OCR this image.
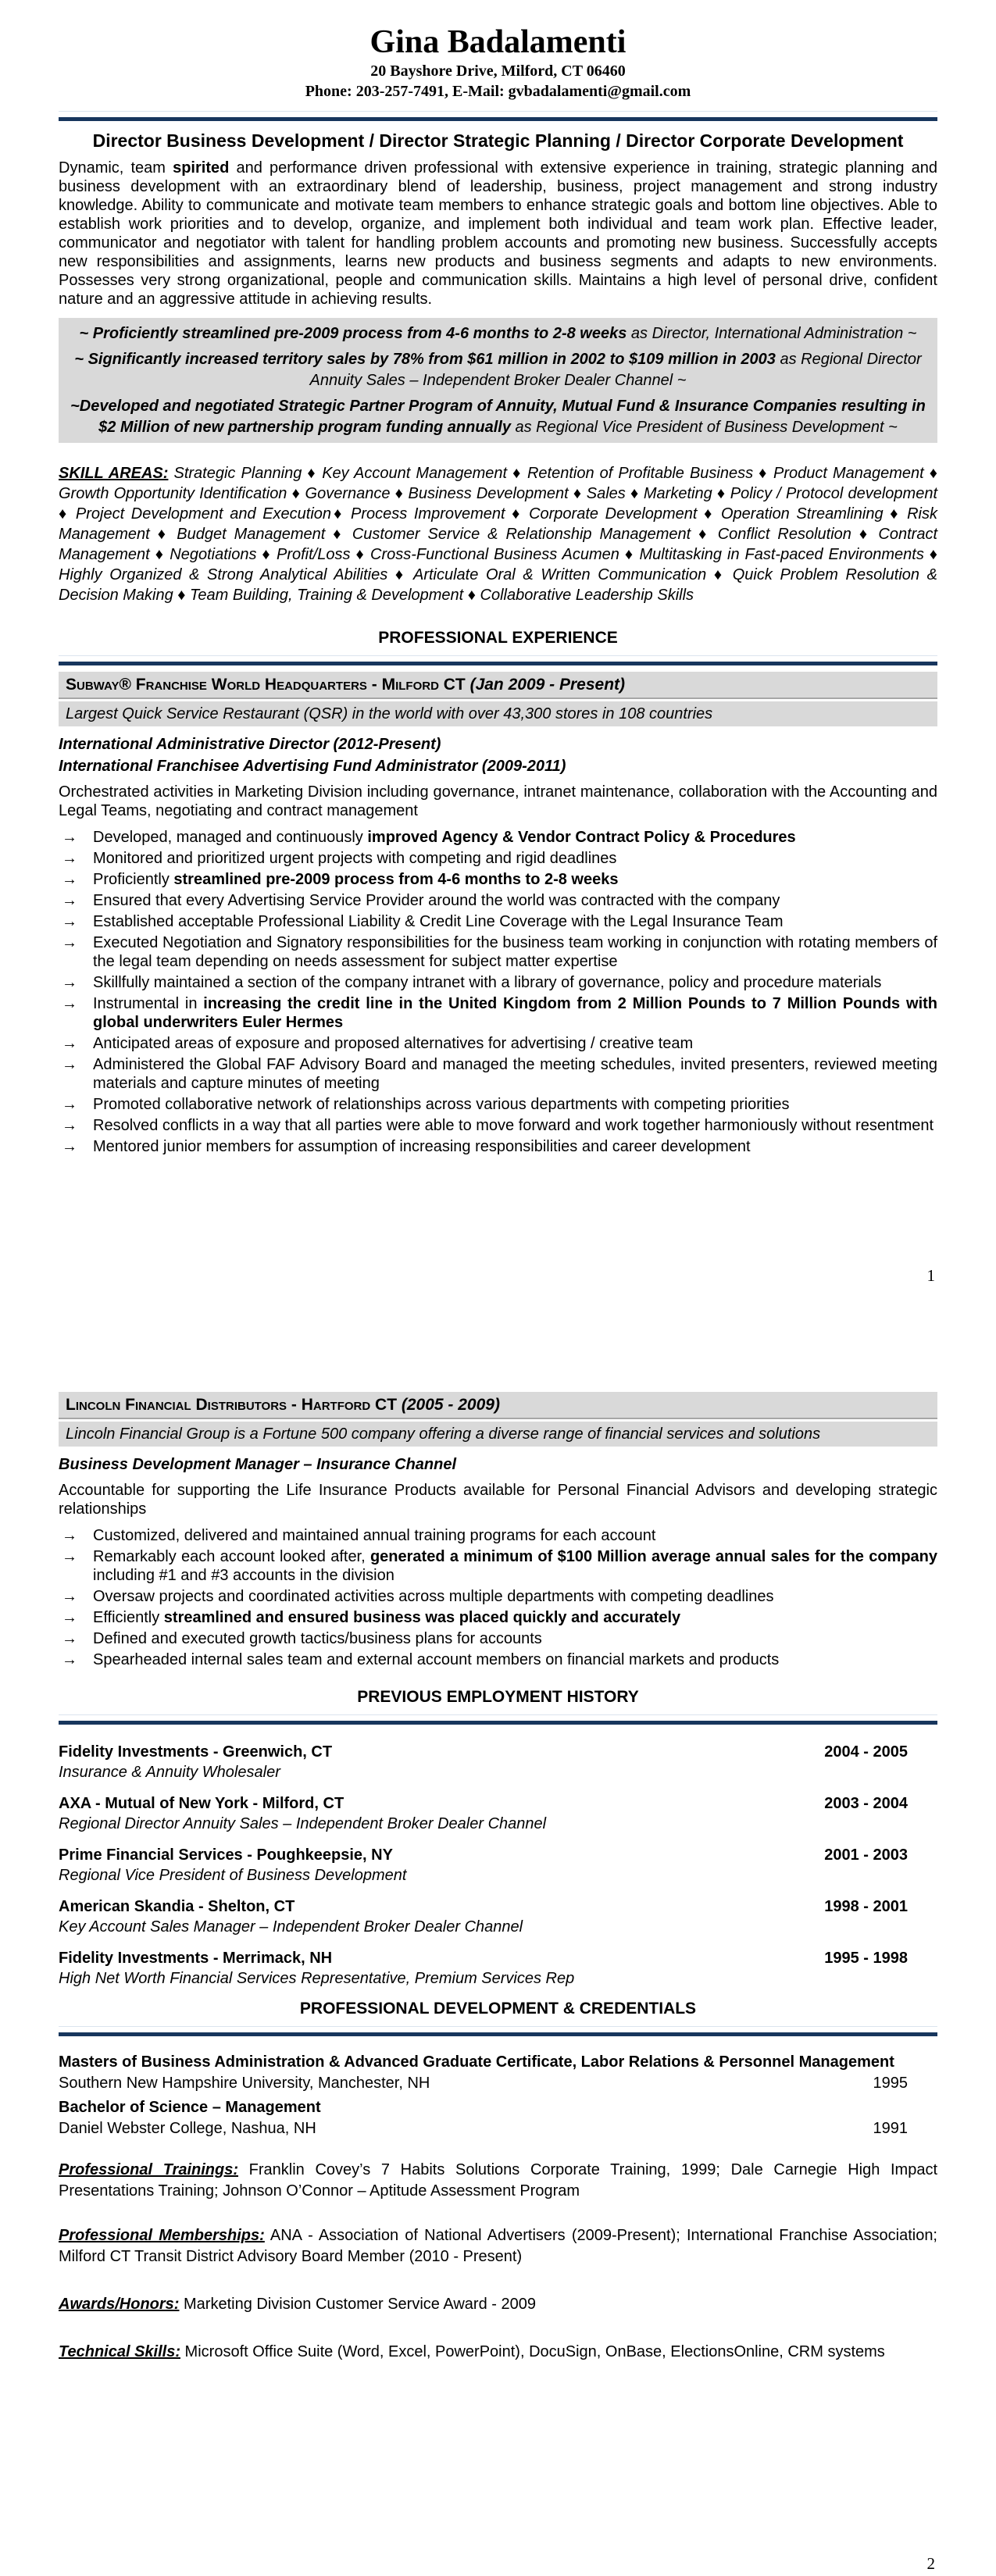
Gina Badalamenti
20 Bayshore Drive, Milford, CT 06460
Phone: 203-257-7491, E-Mail: gvbadalamenti@gmail.com
Director Business Development / Director Strategic Planning / Director Corporate Development

Dynamic, team spirited and performance driven professional with extensive experience in training, strategic planning and business development with an extraordinary blend of leadership, business, project management and strong industry knowledge. Ability to communicate and motivate team members to enhance strategic goals and bottom line objectives. Able to establish work priorities and to develop, organize, and implement both individual and team work plan. Effective leader, communicator and negotiator with talent for handling problem accounts and promoting new business. Successfully accepts new responsibilities and assignments, learns new products and business segments and adapts to new environments. Possesses very strong organizational, people and communication skills. Maintains a high level of personal drive, confident nature and an aggressive attitude in achieving results.

~ Proficiently streamlined pre-2009 process from 4-6 months to 2-8 weeks as Director, International Administration ~

~ Significantly increased territory sales by 78% from $61 million in 2002 to $109 million in 2003 as Regional Director Annuity Sales – Independent Broker Dealer Channel ~

~Developed and negotiated Strategic Partner Program of Annuity, Mutual Fund & Insurance Companies resulting in $2 Million of new partnership program funding annually as Regional Vice President of Business Development ~

SKILL AREAS: Strategic Planning ♦ Key Account Management ♦ Retention of Profitable Business ♦ Product Management ♦ Growth Opportunity Identification ♦ Governance ♦ Business Development ♦ Sales ♦ Marketing ♦ Policy / Protocol development ♦ Project Development and Execution♦ Process Improvement ♦ Corporate Development ♦ Operation Streamlining ♦ Risk Management ♦ Budget Management ♦ Customer Service & Relationship Management ♦ Conflict Resolution ♦ Contract Management ♦ Negotiations ♦ Profit/Loss ♦ Cross-Functional Business Acumen ♦ Multitasking in Fast-paced Environments ♦ Highly Organized & Strong Analytical Abilities ♦ Articulate Oral & Written Communication ♦ Quick Problem Resolution & Decision Making ♦ Team Building, Training & Development ♦ Collaborative Leadership Skills

PROFESSIONAL EXPERIENCE
Subway® Franchise World Headquarters - Milford CT (Jan 2009 - Present)
Largest Quick Service Restaurant (QSR) in the world with over 43,300 stores in 108 countries
International Administrative Director (2012-Present)
International Franchisee Advertising Fund Administrator (2009-2011)

Orchestrated activities in Marketing Division including governance, intranet maintenance, collaboration with the Accounting and Legal Teams, negotiating and contract management

→	Developed, managed and continuously improved Agency & Vendor Contract Policy & Procedures
→	Monitored and prioritized urgent projects with competing and rigid deadlines
→	Proficiently streamlined pre-2009 process from 4-6 months to 2-8 weeks
→	Ensured that every Advertising Service Provider around the world was contracted with the company
→	Established acceptable Professional Liability & Credit Line Coverage with the Legal Insurance Team
→	Executed Negotiation and Signatory responsibilities for the business team working in conjunction with rotating members of the legal team depending on needs assessment for subject matter expertise
→	Skillfully maintained a section of the company intranet with a library of governance, policy and procedure materials
→	Instrumental in increasing the credit line in the United Kingdom from 2 Million Pounds to 7 Million Pounds with global underwriters Euler Hermes
→	Anticipated areas of exposure and proposed alternatives for advertising / creative team
→	Administered the Global FAF Advisory Board and managed the meeting schedules, invited presenters, reviewed meeting materials and capture minutes of meeting
→	Promoted collaborative network of relationships across various departments with competing priorities
→	Resolved conflicts in a way that all parties were able to move forward and work together harmoniously without resentment
→	Mentored junior members for assumption of increasing responsibilities and career development
1
Lincoln Financial Distributors - Hartford CT (2005 - 2009)
Lincoln Financial Group is a Fortune 500 company offering a diverse range of financial services and solutions
Business Development Manager – Insurance Channel

Accountable for supporting the Life Insurance Products available for Personal Financial Advisors and developing strategic relationships

→	Customized, delivered and maintained annual training programs for each account
→	Remarkably each account looked after, generated a minimum of $100 Million average annual sales for the company including #1 and #3 accounts in the division
→	Oversaw projects and coordinated activities across multiple departments with competing deadlines
→	Efficiently streamlined and ensured business was placed quickly and accurately
→	Defined and executed growth tactics/business plans for accounts
→	Spearheaded internal sales team and external account members on financial markets and products
PREVIOUS EMPLOYMENT HISTORY
Fidelity Investments - Greenwich, CT	2004 - 2005
Insurance & Annuity Wholesaler
AXA - Mutual of New York - Milford, CT	2003 - 2004
Regional Director Annuity Sales – Independent Broker Dealer Channel
Prime Financial Services - Poughkeepsie, NY	2001 - 2003
Regional Vice President of Business Development
American Skandia - Shelton, CT	1998 - 2001
Key Account Sales Manager – Independent Broker Dealer Channel
Fidelity Investments - Merrimack, NH	1995 - 1998
High Net Worth Financial Services Representative, Premium Services Rep
PROFESSIONAL DEVELOPMENT & CREDENTIALS
Masters of Business Administration & Advanced Graduate Certificate, Labor Relations & Personnel Management
Southern New Hampshire University, Manchester, NH	1995
Bachelor of Science – Management
Daniel Webster College, Nashua, NH	1991

Professional Trainings: Franklin Covey’s 7 Habits Solutions Corporate Training, 1999; Dale Carnegie High Impact Presentations Training; Johnson O’Connor – Aptitude Assessment Program

Professional Memberships: ANA - Association of National Advertisers (2009-Present); International Franchise Association; Milford CT Transit District Advisory Board Member (2010 - Present)

Awards/Honors: Marketing Division Customer Service Award - 2009

Technical Skills: Microsoft Office Suite (Word, Excel, PowerPoint), DocuSign, OnBase, ElectionsOnline, CRM systems

2
